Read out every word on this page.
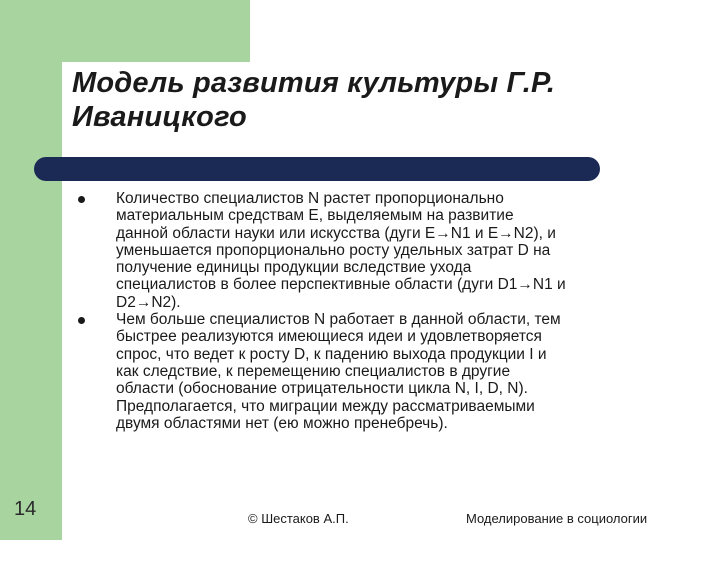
Модель развития культуры Г.Р.
Иваницкого
Количество специалистов N растет пропорционально
материальным средствам E, выделяемым на развитие
данной области науки или искусства (дуги E→N1 и E→N2), и
уменьшается пропорционально росту удельных затрат D на
получение единицы продукции вследствие ухода
специалистов в более перспективные области (дуги D1→N1 и
D2→N2).
Чем больше специалистов N работает в данной области, тем
быстрее реализуются имеющиеся идеи и удовлетворяется
спрос, что ведет к росту D, к падению выхода продукции I и
как следствие, к перемещению специалистов в другие
области (обоснование отрицательности цикла N, I, D, N).
Предполагается, что миграции между рассматриваемыми
двумя областями нет (ею можно пренебречь).
14	© Шестаков А.П.	Моделирование в социологии
